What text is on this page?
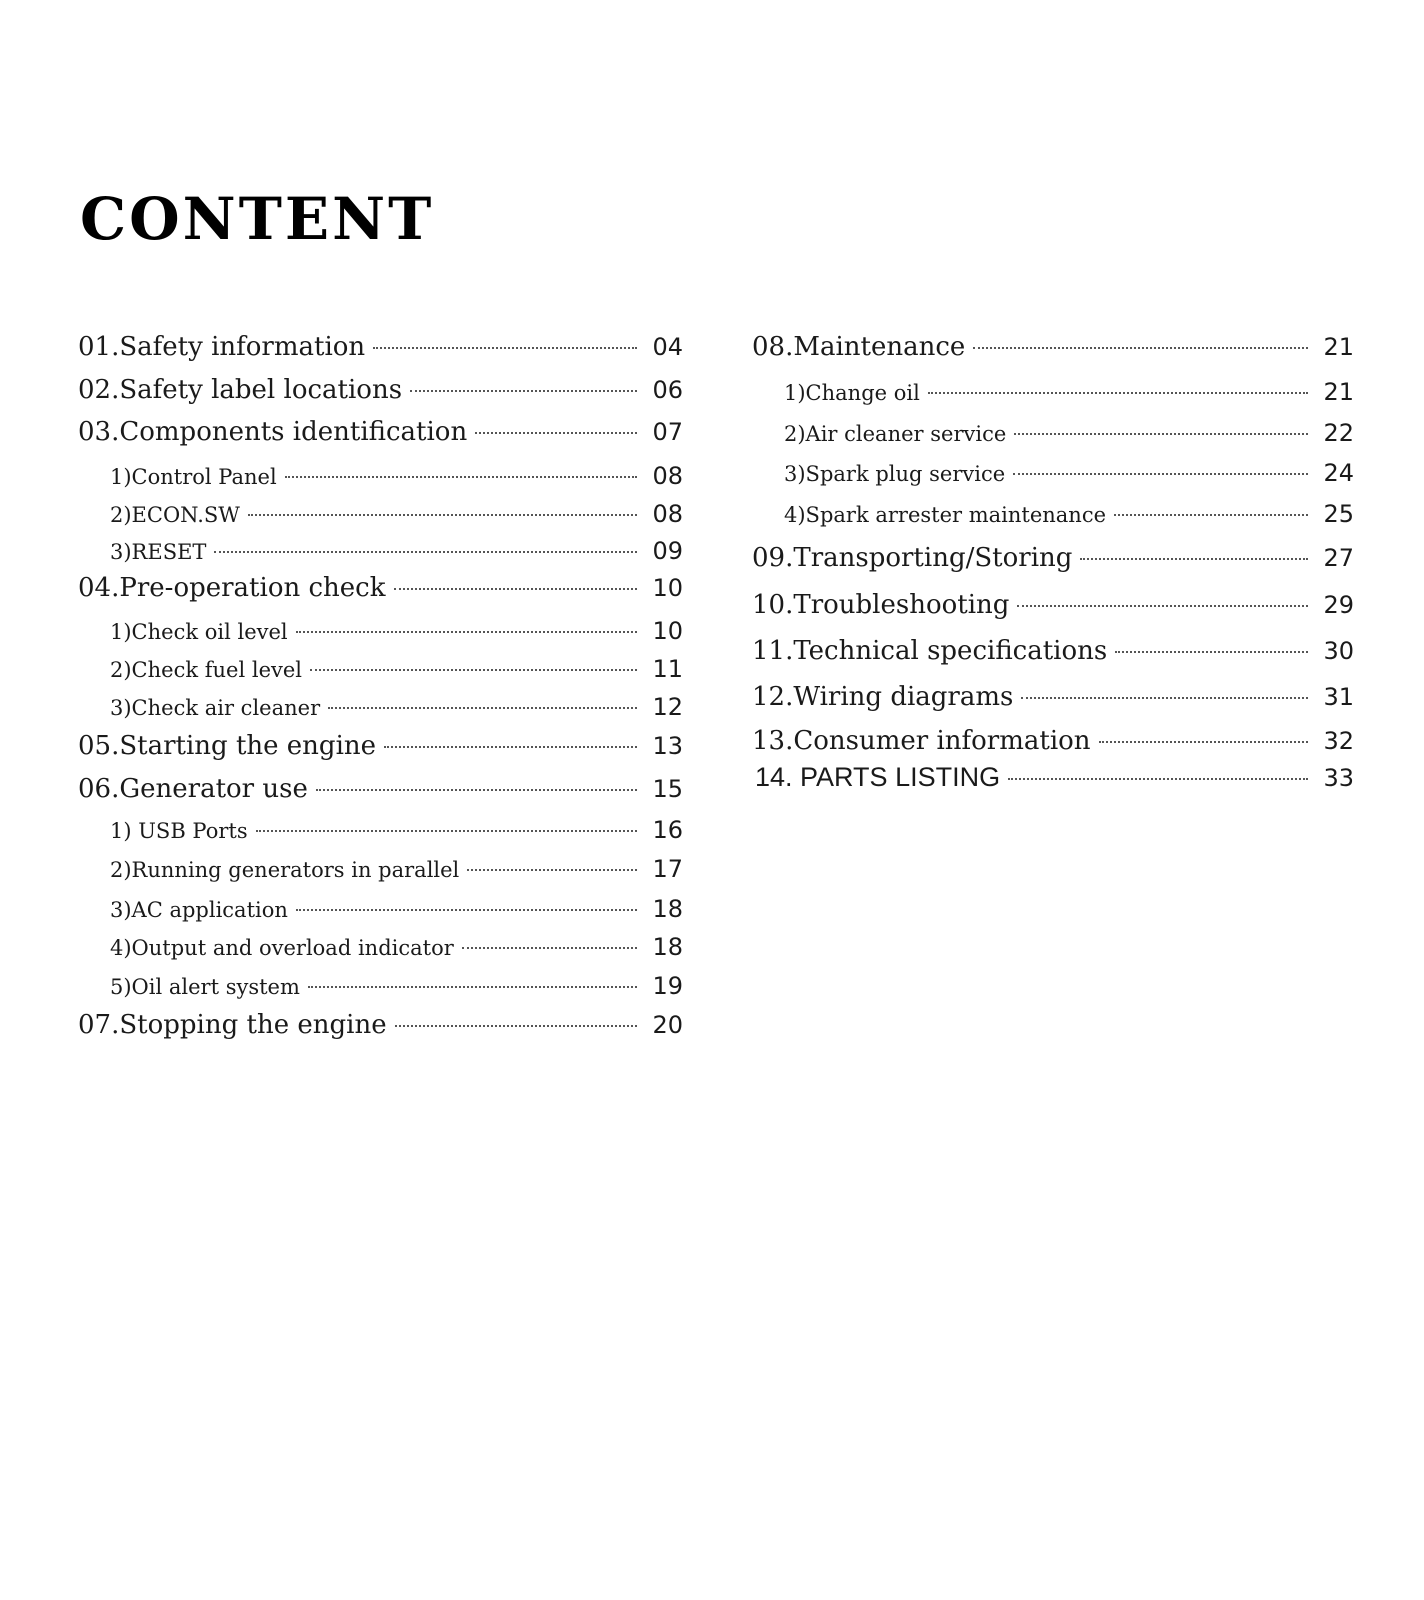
CONTENT
01.Safety information	04
02.Safety label locations	06
03.Components identification	07
1)Control Panel	08
2)ECON.SW	08
3)RESET	09
04.Pre-operation check	10
1)Check oil level	10
2)Check fuel level	11
3)Check air cleaner	12
05.Starting the engine	13
06.Generator use	15
1) USB Ports	16
2)Running generators in parallel	17
3)AC application	18
4)Output and overload indicator	18
5)Oil alert system	19
07.Stopping the engine	20
08.Maintenance	21
1)Change oil	21
2)Air cleaner service	22
3)Spark plug service	24
4)Spark arrester maintenance	25
09.Transporting/Storing	27
10.Troubleshooting	29
11.Technical specifications	30
12.Wiring diagrams	31
13.Consumer information	32
14. PARTS LISTING	33
